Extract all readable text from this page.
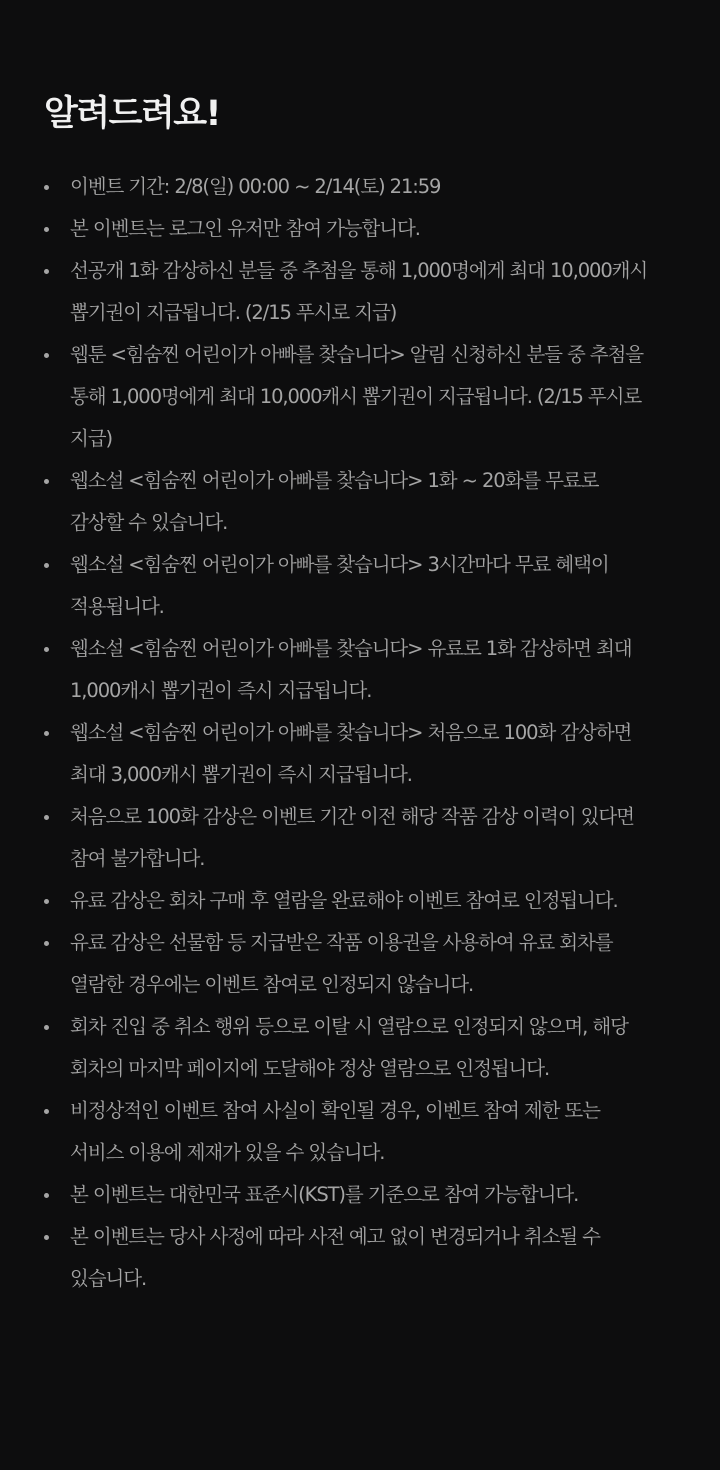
알려드려요!
이벤트 기간: 2/8(일) 00:00 ~ 2/14(토) 21:59
본 이벤트는 로그인 유저만 참여 가능합니다.
선공개 1화 감상하신 분들 중 추첨을 통해 1,000명에게 최대 10,000캐시
뽑기권이 지급됩니다. (2/15 푸시로 지급)
웹툰 <힘숨찐 어린이가 아빠를 찾습니다> 알림 신청하신 분들 중 추첨을
통해 1,000명에게 최대 10,000캐시 뽑기권이 지급됩니다. (2/15 푸시로
지급)
웹소설 <힘숨찐 어린이가 아빠를 찾습니다> 1화 ~ 20화를 무료로
감상할 수 있습니다.
웹소설 <힘숨찐 어린이가 아빠를 찾습니다> 3시간마다 무료 혜택이
적용됩니다.
웹소설 <힘숨찐 어린이가 아빠를 찾습니다> 유료로 1화 감상하면 최대
1,000캐시 뽑기권이 즉시 지급됩니다.
웹소설 <힘숨찐 어린이가 아빠를 찾습니다> 처음으로 100화 감상하면
최대 3,000캐시 뽑기권이 즉시 지급됩니다.
처음으로 100화 감상은 이벤트 기간 이전 해당 작품 감상 이력이 있다면
참여 불가합니다.
유료 감상은 회차 구매 후 열람을 완료해야 이벤트 참여로 인정됩니다.
유료 감상은 선물함 등 지급받은 작품 이용권을 사용하여 유료 회차를
열람한 경우에는 이벤트 참여로 인정되지 않습니다.
회차 진입 중 취소 행위 등으로 이탈 시 열람으로 인정되지 않으며, 해당
회차의 마지막 페이지에 도달해야 정상 열람으로 인정됩니다.
비정상적인 이벤트 참여 사실이 확인될 경우, 이벤트 참여 제한 또는
서비스 이용에 제재가 있을 수 있습니다.
본 이벤트는 대한민국 표준시(KST)를 기준으로 참여 가능합니다.
본 이벤트는 당사 사정에 따라 사전 예고 없이 변경되거나 취소될 수
있습니다.
